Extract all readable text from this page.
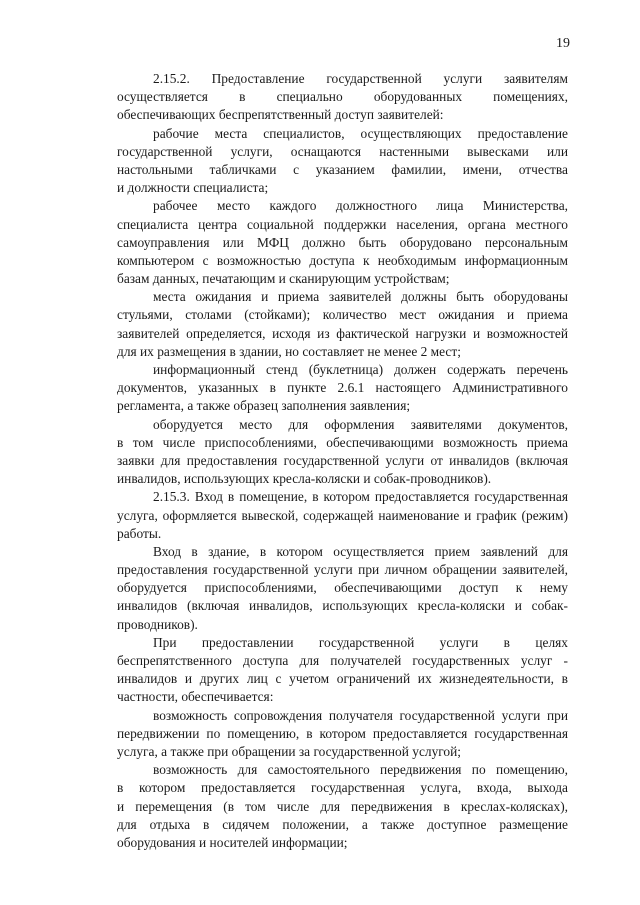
19
2.15.2. Предоставление государственной услуги заявителям
осуществляется в специально оборудованных помещениях,
обеспечивающих беспрепятственный доступ заявителей:
рабочие места специалистов, осуществляющих предоставление
государственной услуги, оснащаются настенными вывесками или
настольными табличками с указанием фамилии, имени, отчества
и должности специалиста;
рабочее место каждого должностного лица Министерства,
специалиста центра социальной поддержки населения, органа местного
самоуправления или МФЦ должно быть оборудовано персональным
компьютером с возможностью доступа к необходимым информационным
базам данных, печатающим и сканирующим устройствам;
места ожидания и приема заявителей должны быть оборудованы
стульями, столами (стойками); количество мест ожидания и приема
заявителей определяется, исходя из фактической нагрузки и возможностей
для их размещения в здании, но составляет не менее 2 мест;
информационный стенд (буклетница) должен содержать перечень
документов, указанных в пункте 2.6.1 настоящего Административного
регламента, а также образец заполнения заявления;
оборудуется место для оформления заявителями документов,
в том числе приспособлениями, обеспечивающими возможность приема
заявки для предоставления государственной услуги от инвалидов (включая
инвалидов, использующих кресла-коляски и собак-проводников).
2.15.3. Вход в помещение, в котором предоставляется государственная
услуга, оформляется вывеской, содержащей наименование и график (режим)
работы.
Вход в здание, в котором осуществляется прием заявлений для
предоставления государственной услуги при личном обращении заявителей,
оборудуется приспособлениями, обеспечивающими доступ к нему
инвалидов (включая инвалидов, использующих кресла-коляски и собак-
проводников).
При предоставлении государственной услуги в целях
беспрепятственного доступа для получателей государственных услуг -
инвалидов и других лиц с учетом ограничений их жизнедеятельности, в
частности, обеспечивается:
возможность сопровождения получателя государственной услуги при
передвижении по помещению, в котором предоставляется государственная
услуга, а также при обращении за государственной услугой;
возможность для самостоятельного передвижения по помещению,
в котором предоставляется государственная услуга, входа, выхода
и перемещения (в том числе для передвижения в креслах-колясках),
для отдыха в сидячем положении, а также доступное размещение
оборудования и носителей информации;
